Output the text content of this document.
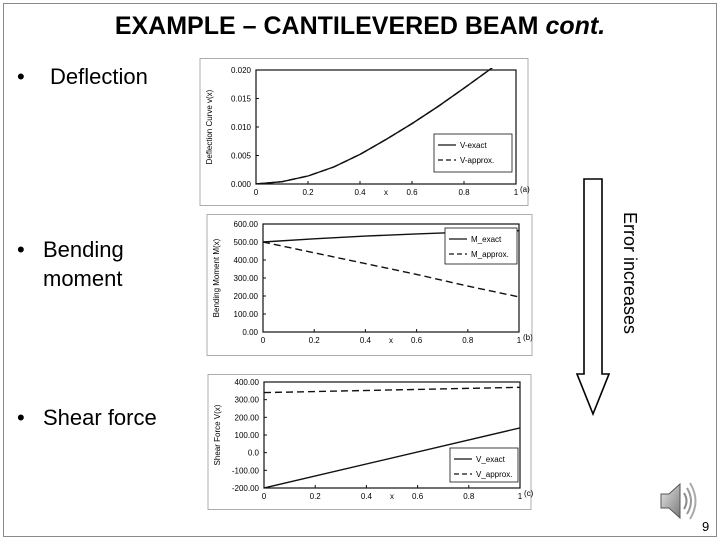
EXAMPLE – CANTILEVERED BEAM cont.
• Deflection
• Bending moment
• Shear force
0.000
0.005
0.010
0.015
0.020
0	0.2	0.4	0.6	0.8	1
x	(a)
Deflection Curve v(x)	V-exact
V-approx.
0.00
100.00
200.00
300.00
400.00
500.00
600.00
0	0.2	0.4	0.6	0.8	1
x	(b)
Bending Moment M(x)	M_exact
M_approx.
-200.00
-100.00
0.0
100.00
200.00
300.00
400.00
0	0.2	0.4	0.6	0.8	1
x	(c)
Shear Force V(x)	V_exact
V_approx.
Error increases
9
